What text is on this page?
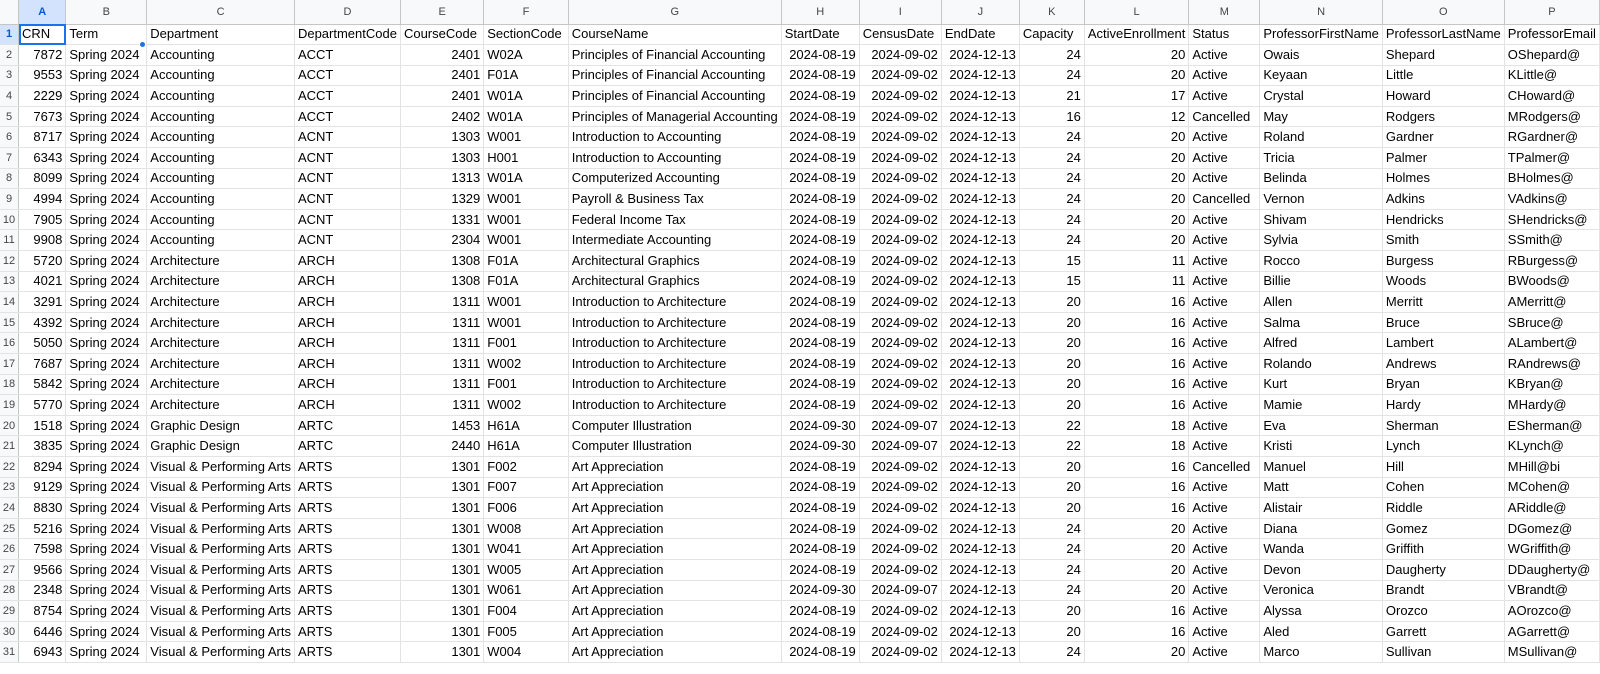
	A	B	C	D	E	F	G	H	I	J	K	L	M	N	O	P
1	CRN	Term	Department	DepartmentCode	CourseCode	SectionCode	CourseName	StartDate	CensusDate	EndDate	Capacity	ActiveEnrollment	Status	ProfessorFirstName	ProfessorLastName	ProfessorEmail
2	7872	Spring 2024	Accounting	ACCT	2401	W02A	Principles of Financial Accounting	2024-08-19	2024-09-02	2024-12-13	24	20	Active	Owais	Shepard	OShepard@
3	9553	Spring 2024	Accounting	ACCT	2401	F01A	Principles of Financial Accounting	2024-08-19	2024-09-02	2024-12-13	24	20	Active	Keyaan	Little	KLittle@
4	2229	Spring 2024	Accounting	ACCT	2401	W01A	Principles of Financial Accounting	2024-08-19	2024-09-02	2024-12-13	21	17	Active	Crystal	Howard	CHoward@
5	7673	Spring 2024	Accounting	ACCT	2402	W01A	Principles of Managerial Accounting	2024-08-19	2024-09-02	2024-12-13	16	12	Cancelled	May	Rodgers	MRodgers@
6	8717	Spring 2024	Accounting	ACNT	1303	W001	Introduction to Accounting	2024-08-19	2024-09-02	2024-12-13	24	20	Active	Roland	Gardner	RGardner@
7	6343	Spring 2024	Accounting	ACNT	1303	H001	Introduction to Accounting	2024-08-19	2024-09-02	2024-12-13	24	20	Active	Tricia	Palmer	TPalmer@
8	8099	Spring 2024	Accounting	ACNT	1313	W01A	Computerized Accounting	2024-08-19	2024-09-02	2024-12-13	24	20	Active	Belinda	Holmes	BHolmes@
9	4994	Spring 2024	Accounting	ACNT	1329	W001	Payroll & Business Tax	2024-08-19	2024-09-02	2024-12-13	24	20	Cancelled	Vernon	Adkins	VAdkins@
10	7905	Spring 2024	Accounting	ACNT	1331	W001	Federal Income Tax	2024-08-19	2024-09-02	2024-12-13	24	20	Active	Shivam	Hendricks	SHendricks@
11	9908	Spring 2024	Accounting	ACNT	2304	W001	Intermediate Accounting	2024-08-19	2024-09-02	2024-12-13	24	20	Active	Sylvia	Smith	SSmith@
12	5720	Spring 2024	Architecture	ARCH	1308	F01A	Architectural Graphics	2024-08-19	2024-09-02	2024-12-13	15	11	Active	Rocco	Burgess	RBurgess@
13	4021	Spring 2024	Architecture	ARCH	1308	F01A	Architectural Graphics	2024-08-19	2024-09-02	2024-12-13	15	11	Active	Billie	Woods	BWoods@
14	3291	Spring 2024	Architecture	ARCH	1311	W001	Introduction to Architecture	2024-08-19	2024-09-02	2024-12-13	20	16	Active	Allen	Merritt	AMerritt@
15	4392	Spring 2024	Architecture	ARCH	1311	W001	Introduction to Architecture	2024-08-19	2024-09-02	2024-12-13	20	16	Active	Salma	Bruce	SBruce@
16	5050	Spring 2024	Architecture	ARCH	1311	F001	Introduction to Architecture	2024-08-19	2024-09-02	2024-12-13	20	16	Active	Alfred	Lambert	ALambert@
17	7687	Spring 2024	Architecture	ARCH	1311	W002	Introduction to Architecture	2024-08-19	2024-09-02	2024-12-13	20	16	Active	Rolando	Andrews	RAndrews@
18	5842	Spring 2024	Architecture	ARCH	1311	F001	Introduction to Architecture	2024-08-19	2024-09-02	2024-12-13	20	16	Active	Kurt	Bryan	KBryan@
19	5770	Spring 2024	Architecture	ARCH	1311	W002	Introduction to Architecture	2024-08-19	2024-09-02	2024-12-13	20	16	Active	Mamie	Hardy	MHardy@
20	1518	Spring 2024	Graphic Design	ARTC	1453	H61A	Computer Illustration	2024-09-30	2024-09-07	2024-12-13	22	18	Active	Eva	Sherman	ESherman@
21	3835	Spring 2024	Graphic Design	ARTC	2440	H61A	Computer Illustration	2024-09-30	2024-09-07	2024-12-13	22	18	Active	Kristi	Lynch	KLynch@
22	8294	Spring 2024	Visual & Performing Arts	ARTS	1301	F002	Art Appreciation	2024-08-19	2024-09-02	2024-12-13	20	16	Cancelled	Manuel	Hill	MHill@bi
23	9129	Spring 2024	Visual & Performing Arts	ARTS	1301	F007	Art Appreciation	2024-08-19	2024-09-02	2024-12-13	20	16	Active	Matt	Cohen	MCohen@
24	8830	Spring 2024	Visual & Performing Arts	ARTS	1301	F006	Art Appreciation	2024-08-19	2024-09-02	2024-12-13	20	16	Active	Alistair	Riddle	ARiddle@
25	5216	Spring 2024	Visual & Performing Arts	ARTS	1301	W008	Art Appreciation	2024-08-19	2024-09-02	2024-12-13	24	20	Active	Diana	Gomez	DGomez@
26	7598	Spring 2024	Visual & Performing Arts	ARTS	1301	W041	Art Appreciation	2024-08-19	2024-09-02	2024-12-13	24	20	Active	Wanda	Griffith	WGriffith@
27	9566	Spring 2024	Visual & Performing Arts	ARTS	1301	W005	Art Appreciation	2024-08-19	2024-09-02	2024-12-13	24	20	Active	Devon	Daugherty	DDaugherty@
28	2348	Spring 2024	Visual & Performing Arts	ARTS	1301	W061	Art Appreciation	2024-09-30	2024-09-07	2024-12-13	24	20	Active	Veronica	Brandt	VBrandt@
29	8754	Spring 2024	Visual & Performing Arts	ARTS	1301	F004	Art Appreciation	2024-08-19	2024-09-02	2024-12-13	20	16	Active	Alyssa	Orozco	AOrozco@
30	6446	Spring 2024	Visual & Performing Arts	ARTS	1301	F005	Art Appreciation	2024-08-19	2024-09-02	2024-12-13	20	16	Active	Aled	Garrett	AGarrett@
31	6943	Spring 2024	Visual & Performing Arts	ARTS	1301	W004	Art Appreciation	2024-08-19	2024-09-02	2024-12-13	24	20	Active	Marco	Sullivan	MSullivan@
